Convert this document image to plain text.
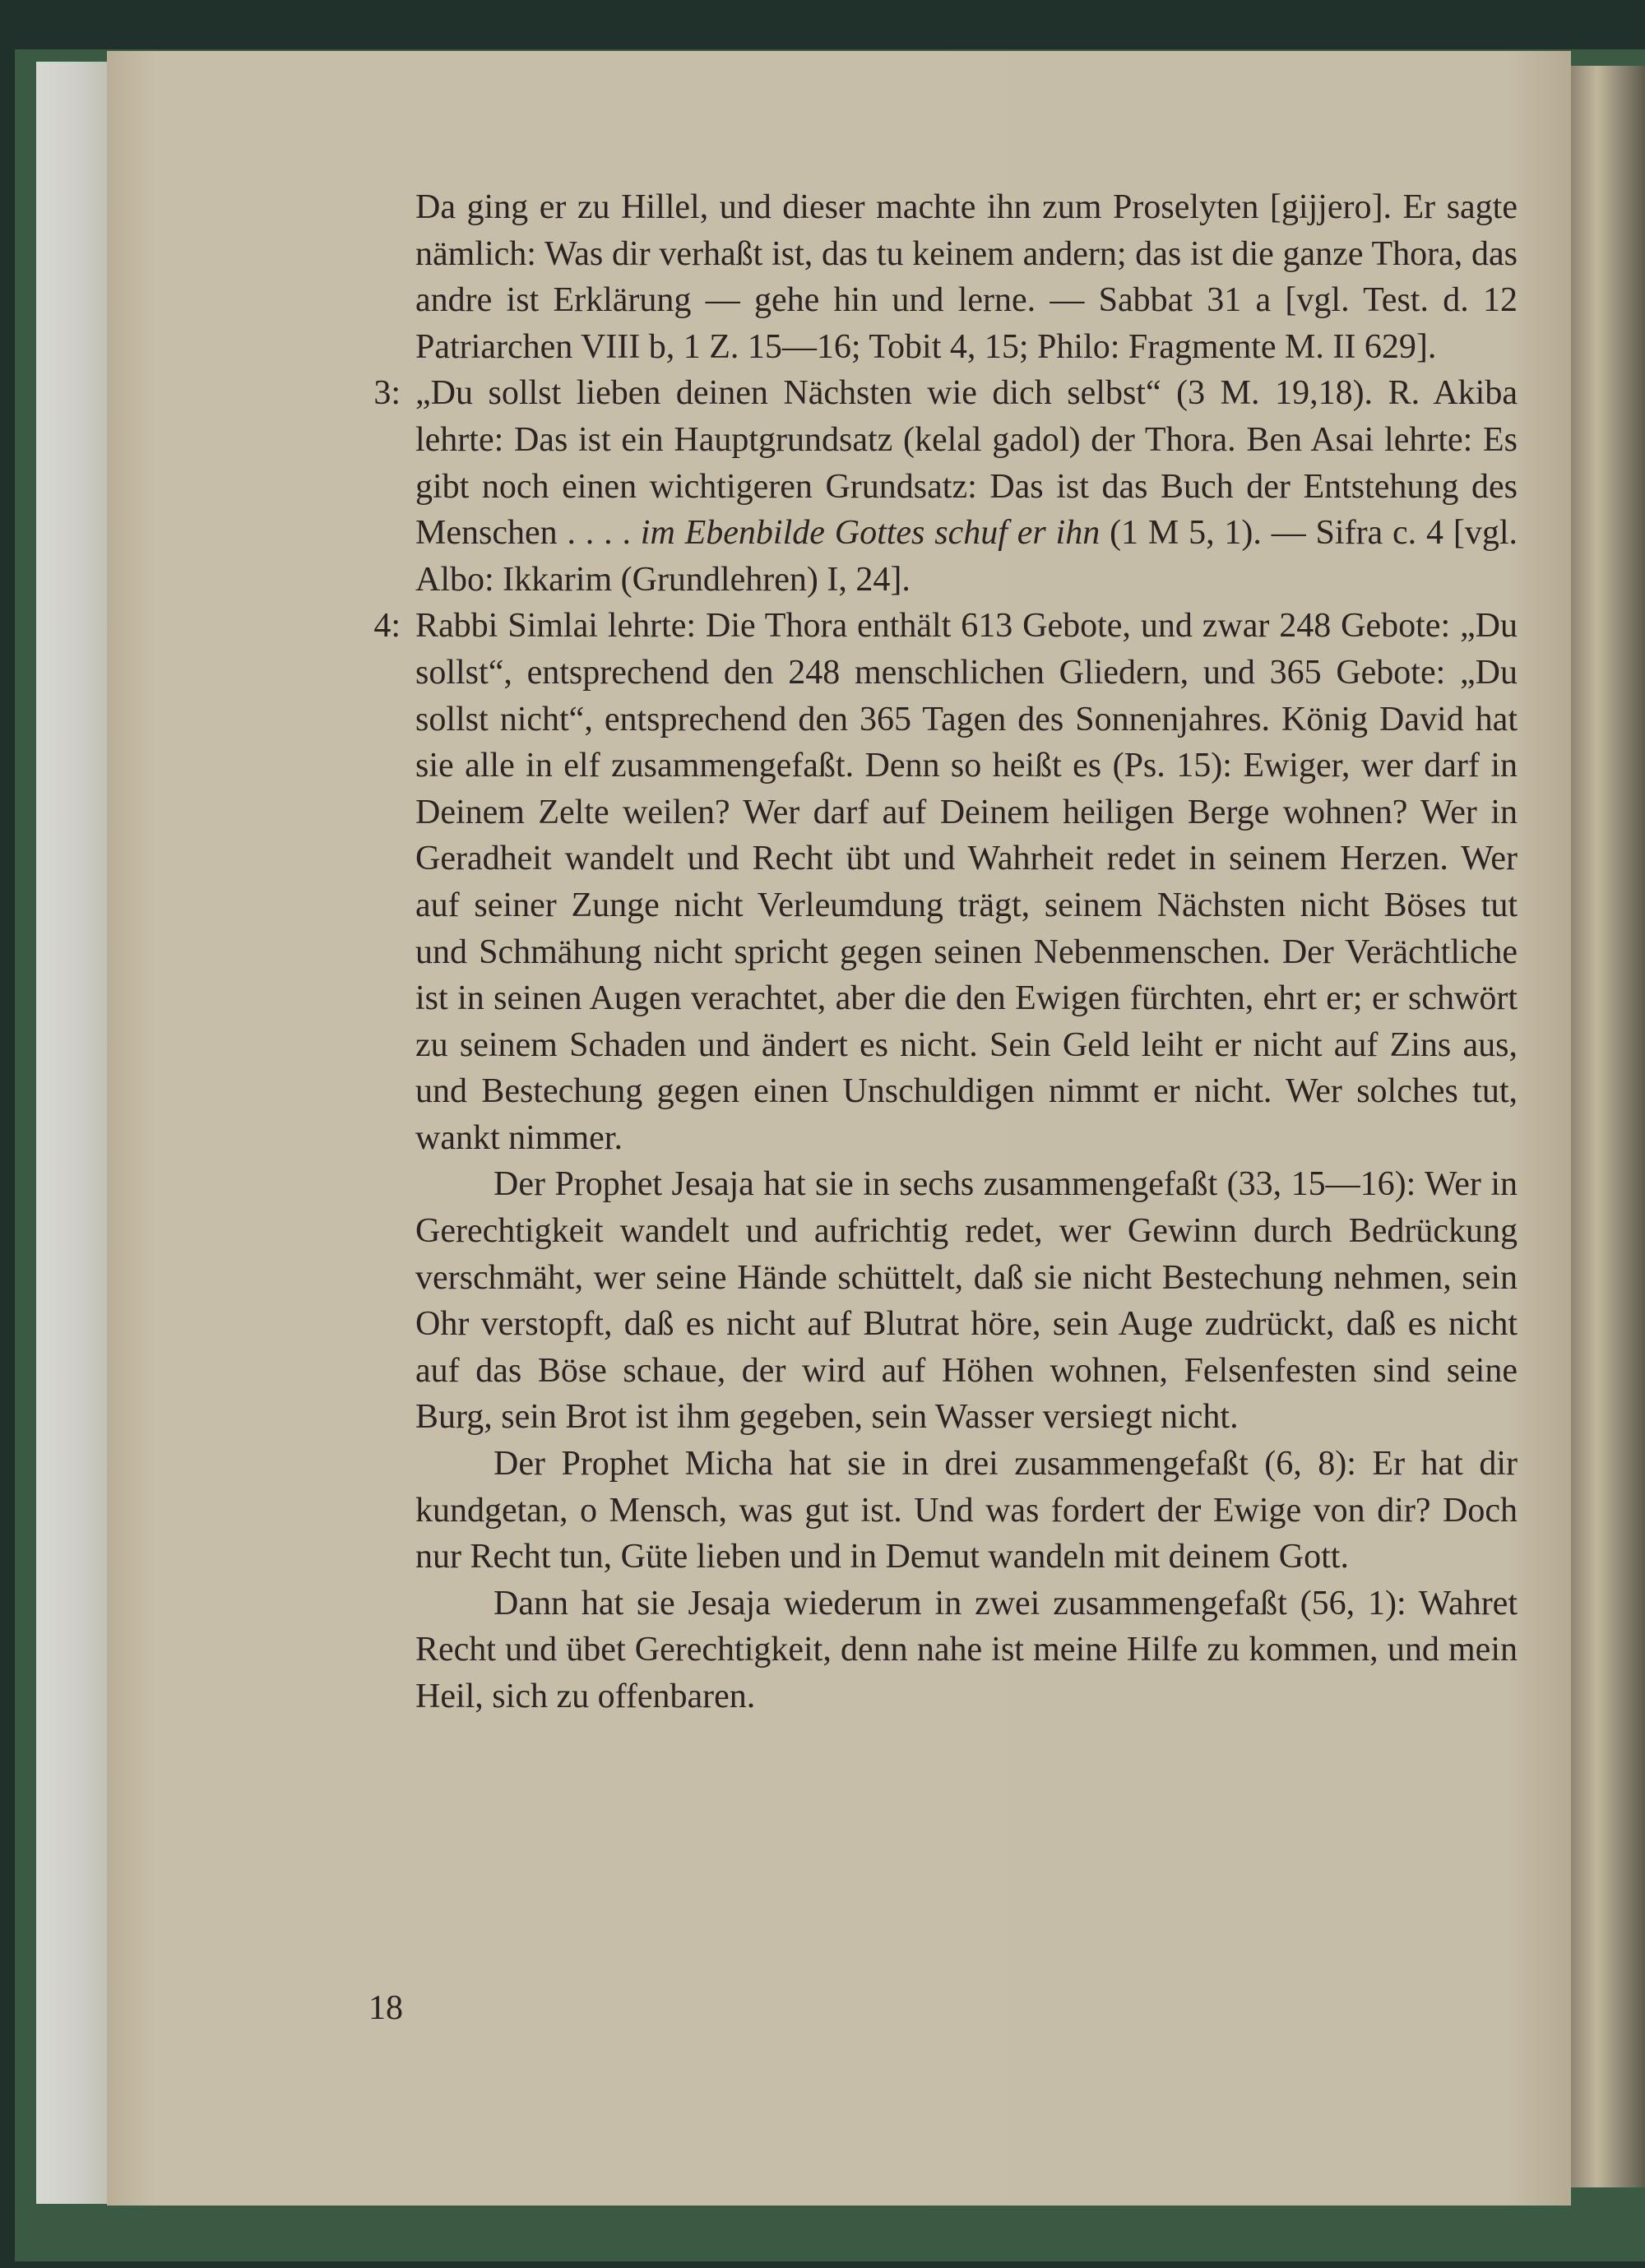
Da ging er zu Hillel, und dieser machte ihn zum Proselyten [gijjero]. Er sagte nämlich: Was dir verhaßt ist, das tu keinem andern; das ist die ganze Thora, das andre ist Erklärung — gehe hin und lerne. — Sabbat 31 a [vgl. Test. d. 12 Patriarchen VIII b, 1 Z. 15—16; Tobit 4, 15; Philo: Fragmente M. II 629].

3: „Du sollst lieben deinen Nächsten wie dich selbst“ (3 M. 19,18). R. Akiba lehrte: Das ist ein Hauptgrundsatz (kelal gadol) der Thora. Ben Asai lehrte: Es gibt noch einen wichtigeren Grundsatz: Das ist das Buch der Entstehung des Menschen . . . . im Ebenbilde Gottes schuf er ihn (1 M 5, 1). — Sifra c. 4 [vgl. Albo: Ikkarim (Grundlehren) I, 24].

4: Rabbi Simlai lehrte: Die Thora enthält 613 Gebote, und zwar 248 Gebote: „Du sollst“, entsprechend den 248 menschlichen Gliedern, und 365 Gebote: „Du sollst nicht“, entsprechend den 365 Tagen des Sonnenjahres. König David hat sie alle in elf zusammengefaßt. Denn so heißt es (Ps. 15): Ewiger, wer darf in Deinem Zelte weilen? Wer darf auf Deinem heiligen Berge wohnen? Wer in Geradheit wandelt und Recht übt und Wahrheit redet in seinem Herzen. Wer auf seiner Zunge nicht Verleumdung trägt, seinem Nächsten nicht Böses tut und Schmähung nicht spricht gegen seinen Nebenmenschen. Der Verächtliche ist in seinen Augen verachtet, aber die den Ewigen fürchten, ehrt er; er schwört zu seinem Schaden und ändert es nicht. Sein Geld leiht er nicht auf Zins aus, und Bestechung gegen einen Unschuldigen nimmt er nicht. Wer solches tut, wankt nimmer.

Der Prophet Jesaja hat sie in sechs zusammengefaßt (33, 15—16): Wer in Gerechtigkeit wandelt und aufrichtig redet, wer Gewinn durch Bedrückung verschmäht, wer seine Hände schüttelt, daß sie nicht Bestechung nehmen, sein Ohr verstopft, daß es nicht auf Blutrat höre, sein Auge zudrückt, daß es nicht auf das Böse schaue, der wird auf Höhen wohnen, Felsenfesten sind seine Burg, sein Brot ist ihm gegeben, sein Wasser versiegt nicht.

Der Prophet Micha hat sie in drei zusammengefaßt (6, 8): Er hat dir kundgetan, o Mensch, was gut ist. Und was fordert der Ewige von dir? Doch nur Recht tun, Güte lieben und in Demut wandeln mit deinem Gott.

Dann hat sie Jesaja wiederum in zwei zusammengefaßt (56, 1): Wahret Recht und übet Gerechtigkeit, denn nahe ist meine Hilfe zu kommen, und mein Heil, sich zu offenbaren.

18
